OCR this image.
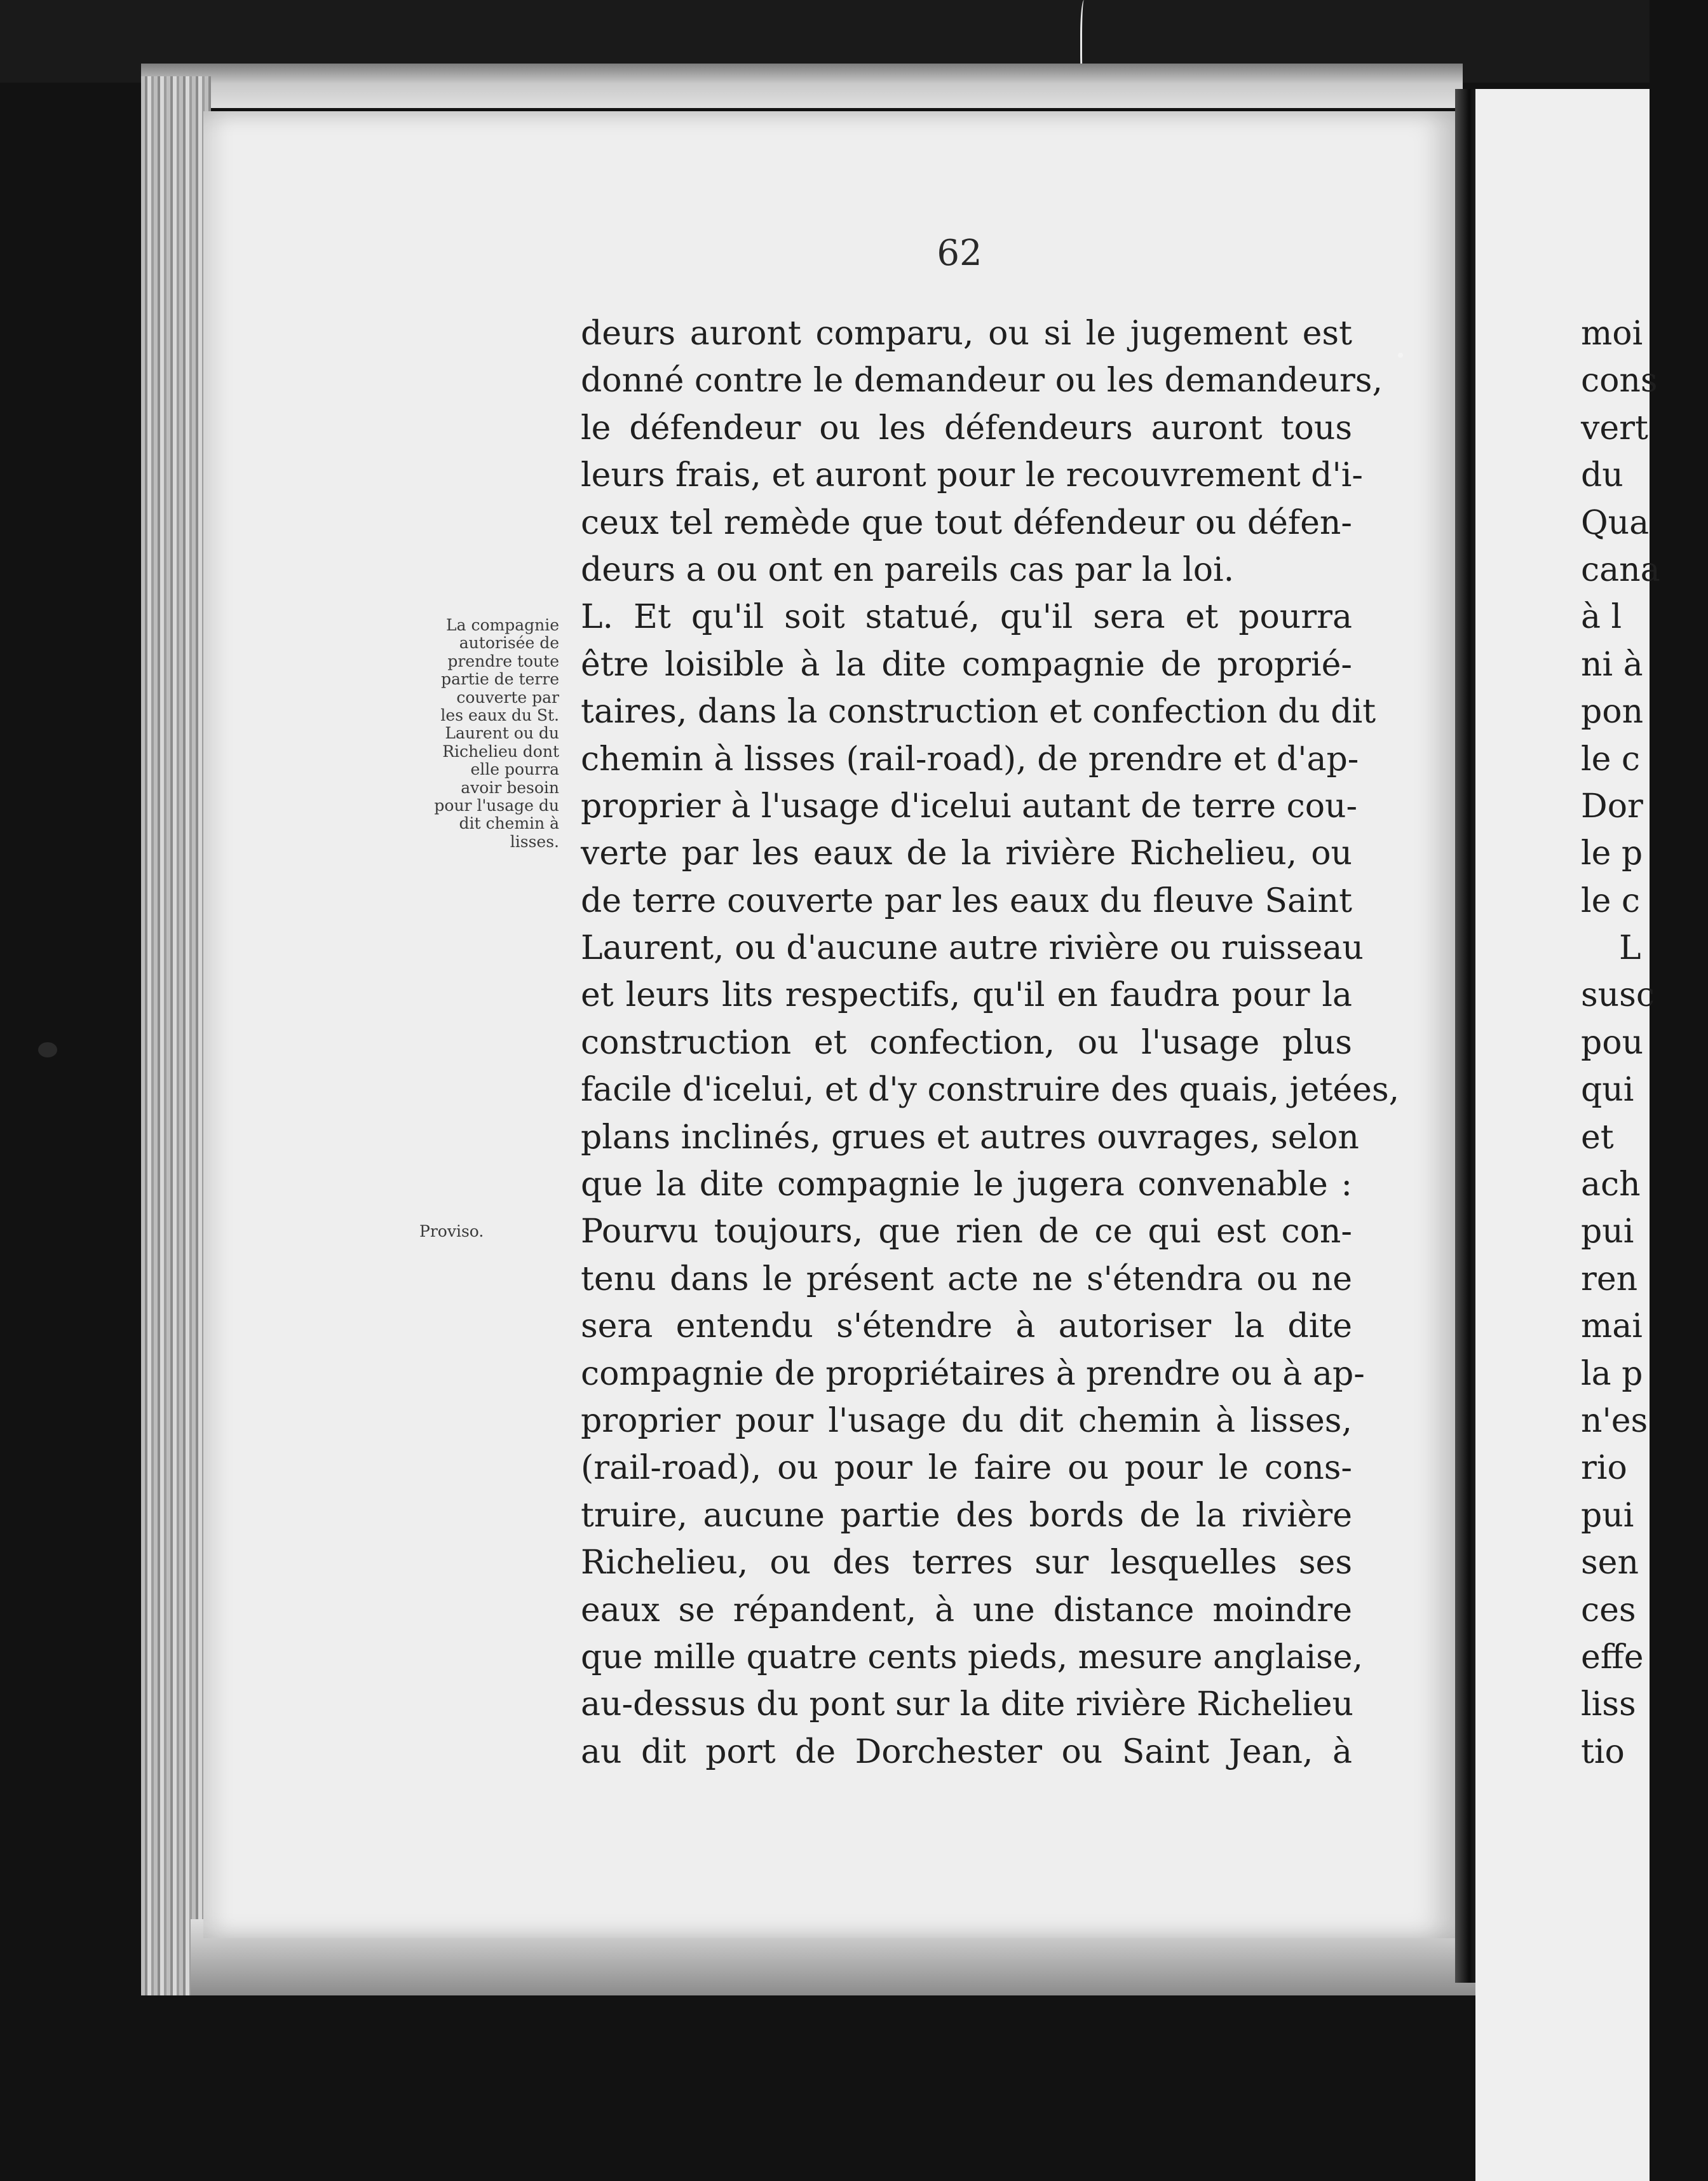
62
La compagnie
autorisée de
prendre toute
partie de terre
couverte par
les eaux du St.
Laurent ou du
Richelieu dont
elle pourra
avoir besoin
pour l'usage du
dit chemin à
lisses.
Proviso.
deurs auront comparu, ou si le jugement est
donné contre le demandeur ou les demandeurs,
le défendeur ou les défendeurs auront tous
leurs frais, et auront pour le recouvrement d'i-
ceux tel remède que tout défendeur ou défen-
deurs a ou ont en pareils cas par la loi.
L. Et qu'il soit statué, qu'il sera et pourra
être loisible à la dite compagnie de proprié-
taires, dans la construction et confection du dit
chemin à lisses (rail-road), de prendre et d'ap-
proprier à l'usage d'icelui autant de terre cou-
verte par les eaux de la rivière Richelieu, ou
de terre couverte par les eaux du fleuve Saint
Laurent, ou d'aucune autre rivière ou ruisseau
et leurs lits respectifs, qu'il en faudra pour la
construction et confection, ou l'usage plus
facile d'icelui, et d'y construire des quais, jetées,
plans inclinés, grues et autres ouvrages, selon
que la dite compagnie le jugera convenable :
Pourvu toujours, que rien de ce qui est con-
tenu dans le présent acte ne s'étendra ou ne
sera entendu s'étendre à autoriser la dite
compagnie de propriétaires à prendre ou à ap-
proprier pour l'usage du dit chemin à lisses,
(rail-road), ou pour le faire ou pour le cons-
truire, aucune partie des bords de la rivière
Richelieu, ou des terres sur lesquelles ses
eaux se répandent, à une distance moindre
que mille quatre cents pieds, mesure anglaise,
au-dessus du pont sur la dite rivière Richelieu
au dit port de Dorchester ou Saint Jean, à
moi
cons
vert
du
Qua
cana
à l
ni à
pon
le c
Dor
le p
le c
L
susc
pou
qui
et
ach
pui
ren
mai
la p
n'es
rio
pui
sen
ces
effe
liss
tio
